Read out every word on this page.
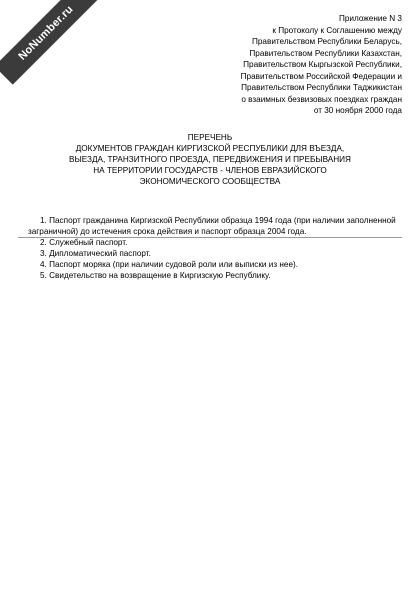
NoNumber.ru	Приложение N 3
к Протоколу к Соглашению между
Правительством Республики Беларусь,
Правительством Республики Казахстан,
Правительством Кыргызской Республики,
Правительством Российской Федерации и
Правительством Республики Таджикистан
о взаимных безвизовых поездках граждан
от 30 ноября 2000 года
ПЕРЕЧЕНЬ
ДОКУМЕНТОВ ГРАЖДАН КИРГИЗСКОЙ РЕСПУБЛИКИ ДЛЯ ВЪЕЗДА,
ВЫЕЗДА, ТРАНЗИТНОГО ПРОЕЗДА, ПЕРЕДВИЖЕНИЯ И ПРЕБЫВАНИЯ
НА ТЕРРИТОРИИ ГОСУДАРСТВ - ЧЛЕНОВ ЕВРАЗИЙСКОГО
ЭКОНОМИЧЕСКОГО СООБЩЕСТВА
1. Паспорт гражданина Киргизской Республики образца 1994 года (при наличии заполненной
заграничной) до истечения срока действия и паспорт образца 2004 года.
2. Служебный паспорт.
3. Дипломатический паспорт.
4. Паспорт моряка (при наличии судовой роли или выписки из нее).
5. Свидетельство на возвращение в Киргизскую Республику.
